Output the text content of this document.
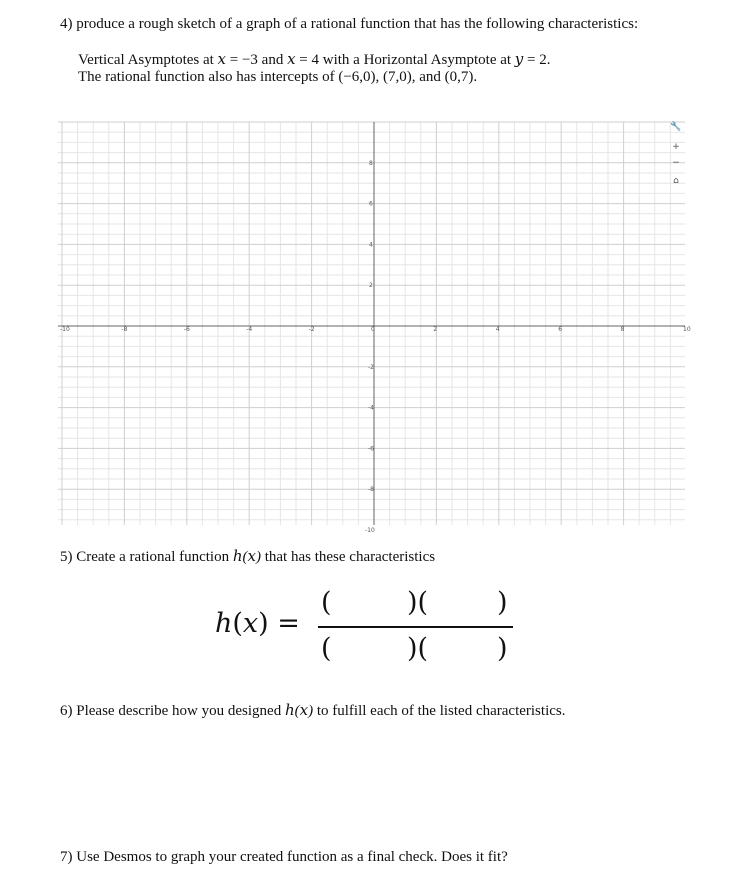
4) produce a rough sketch of a graph of a rational function that has the following characteristics:
Vertical Asymptotes at 𝑥 = −3 and 𝑥 = 4 with a Horizontal Asymptote at 𝑦 = 2.
The rational function also has intercepts of (−6,0), (7,0), and (0,7).
-10	-8	-6	-4	-2	0	2	4	6	8	10
8
6
4
2
-2
-4
-6
-8
-10
🔧
+
−
⌂
5) Create a rational function ℎ(𝑥) that has these characteristics
ℎ(𝑥) =
(	)(	)
(	)(	)
6) Please describe how you designed ℎ(𝑥) to fulfill each of the listed characteristics.
7) Use Desmos to graph your created function as a final check. Does it fit?
